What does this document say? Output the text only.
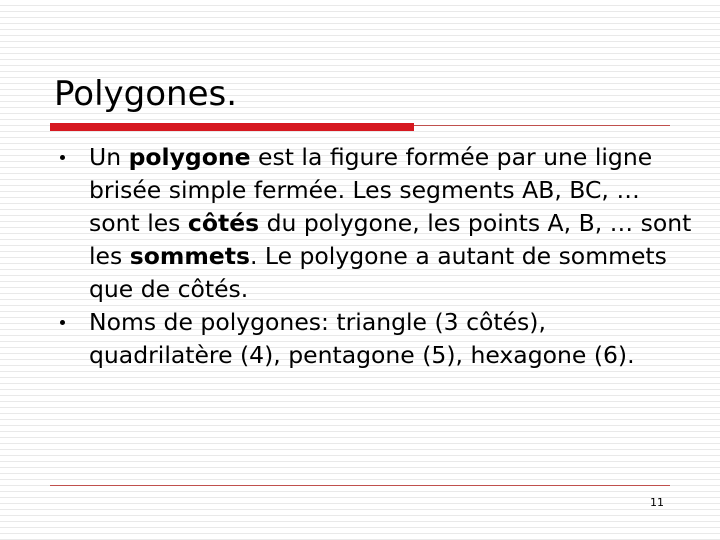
Polygones.
Un polygone est la figure formée par une ligne brisée simple fermée. Les segments AB, BC, … sont les côtés du polygone, les points A, B, … sont les sommets. Le polygone a autant de sommets que de côtés.
Noms de polygones: triangle (3 côtés), quadrilatère (4), pentagone (5), hexagone (6).
11
